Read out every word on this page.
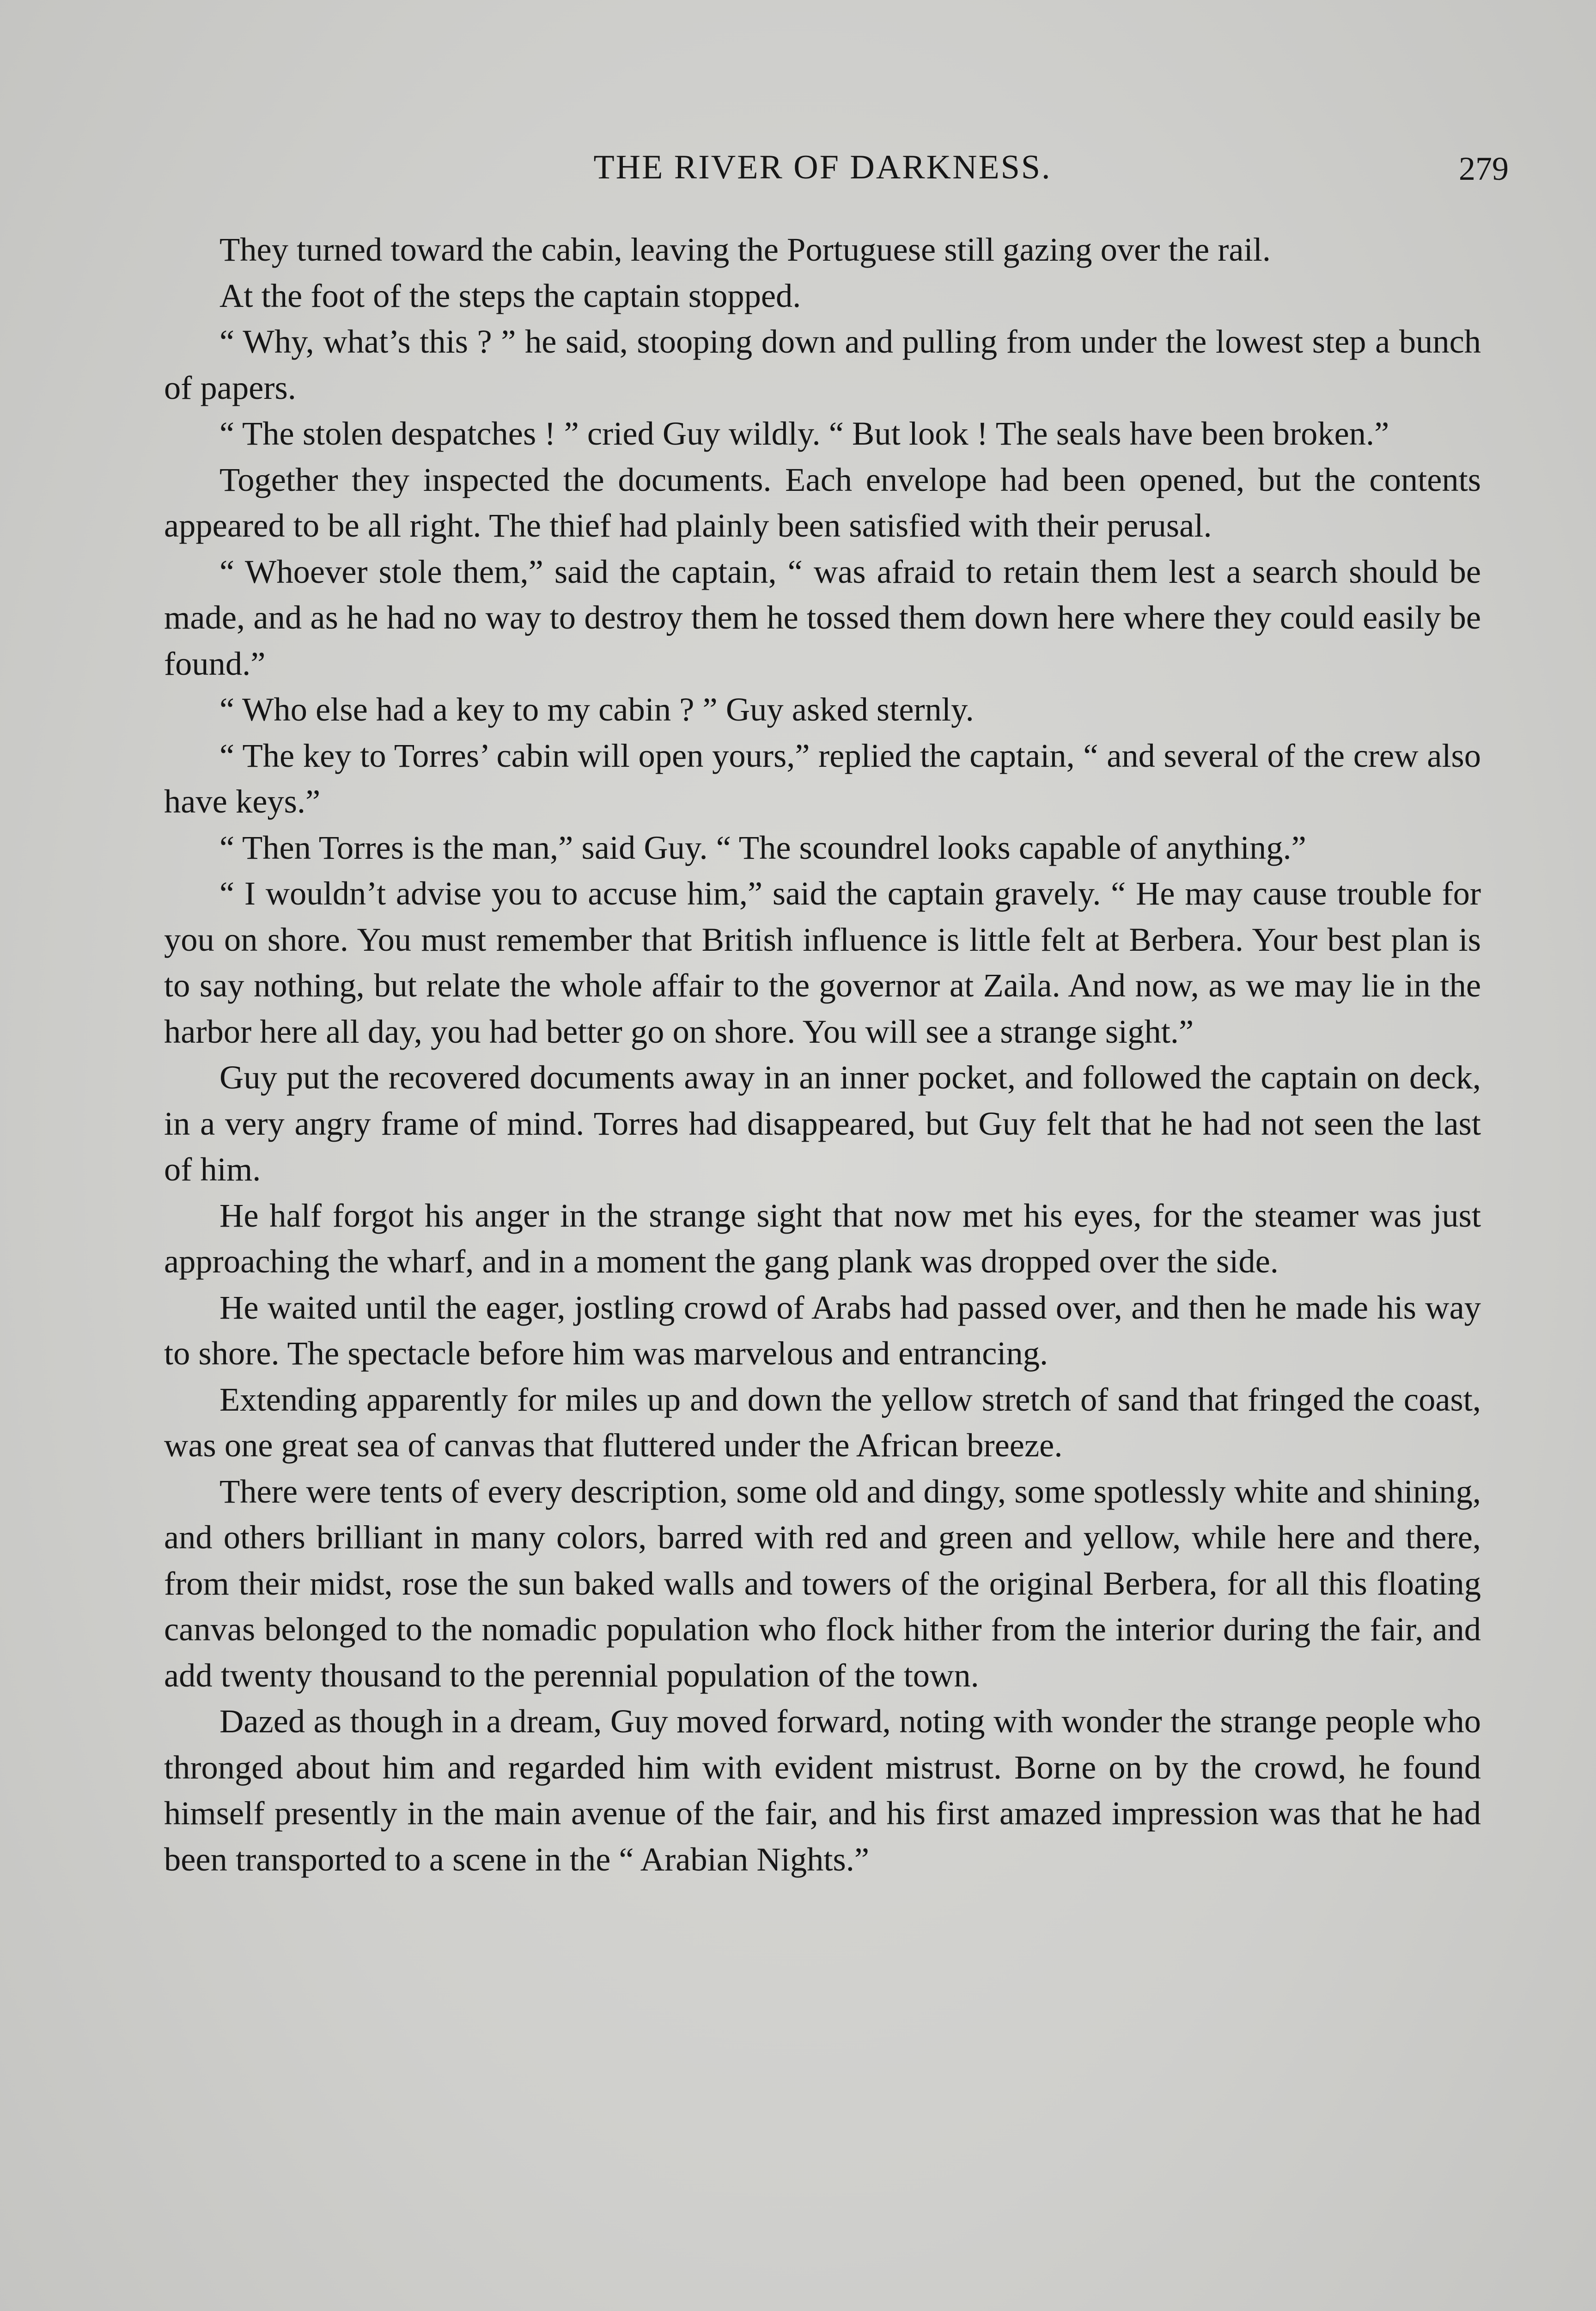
THE RIVER OF DARKNESS.	279

They turned toward the cabin, leaving the Portuguese still gazing over the rail.

At the foot of the steps the captain stopped.

“ Why, what’s this ? ” he said, stooping down and pulling from under the lowest step a bunch of papers.

“ The stolen despatches ! ” cried Guy wildly. “ But look ! The seals have been broken.”

Together they inspected the documents. Each envelope had been opened, but the contents appeared to be all right. The thief had plainly been satisfied with their perusal.

“ Whoever stole them,” said the captain, “ was afraid to retain them lest a search should be made, and as he had no way to destroy them he tossed them down here where they could easily be found.”

“ Who else had a key to my cabin ? ” Guy asked sternly.

“ The key to Torres’ cabin will open yours,” replied the captain, “ and several of the crew also have keys.”

“ Then Torres is the man,” said Guy. “ The scoundrel looks capable of anything.”

“ I wouldn’t advise you to accuse him,” said the captain gravely. “ He may cause trouble for you on shore. You must remember that British influence is little felt at Berbera. Your best plan is to say nothing, but relate the whole affair to the governor at Zaila. And now, as we may lie in the harbor here all day, you had better go on shore. You will see a strange sight.”

Guy put the recovered documents away in an inner pocket, and followed the captain on deck, in a very angry frame of mind. Torres had disappeared, but Guy felt that he had not seen the last of him.

He half forgot his anger in the strange sight that now met his eyes, for the steamer was just approaching the wharf, and in a moment the gang plank was dropped over the side.

He waited until the eager, jostling crowd of Arabs had passed over, and then he made his way to shore. The spectacle before him was marvelous and entrancing.

Extending apparently for miles up and down the yellow stretch of sand that fringed the coast, was one great sea of canvas that fluttered under the African breeze.

There were tents of every description, some old and dingy, some spotlessly white and shining, and others brilliant in many colors, barred with red and green and yellow, while here and there, from their midst, rose the sun baked walls and towers of the original Berbera, for all this floating canvas belonged to the nomadic population who flock hither from the interior during the fair, and add twenty thousand to the perennial population of the town.

Dazed as though in a dream, Guy moved forward, noting with wonder the strange people who thronged about him and regarded him with evident mistrust. Borne on by the crowd, he found himself presently in the main avenue of the fair, and his first amazed impression was that he had been transported to a scene in the “ Arabian Nights.”
